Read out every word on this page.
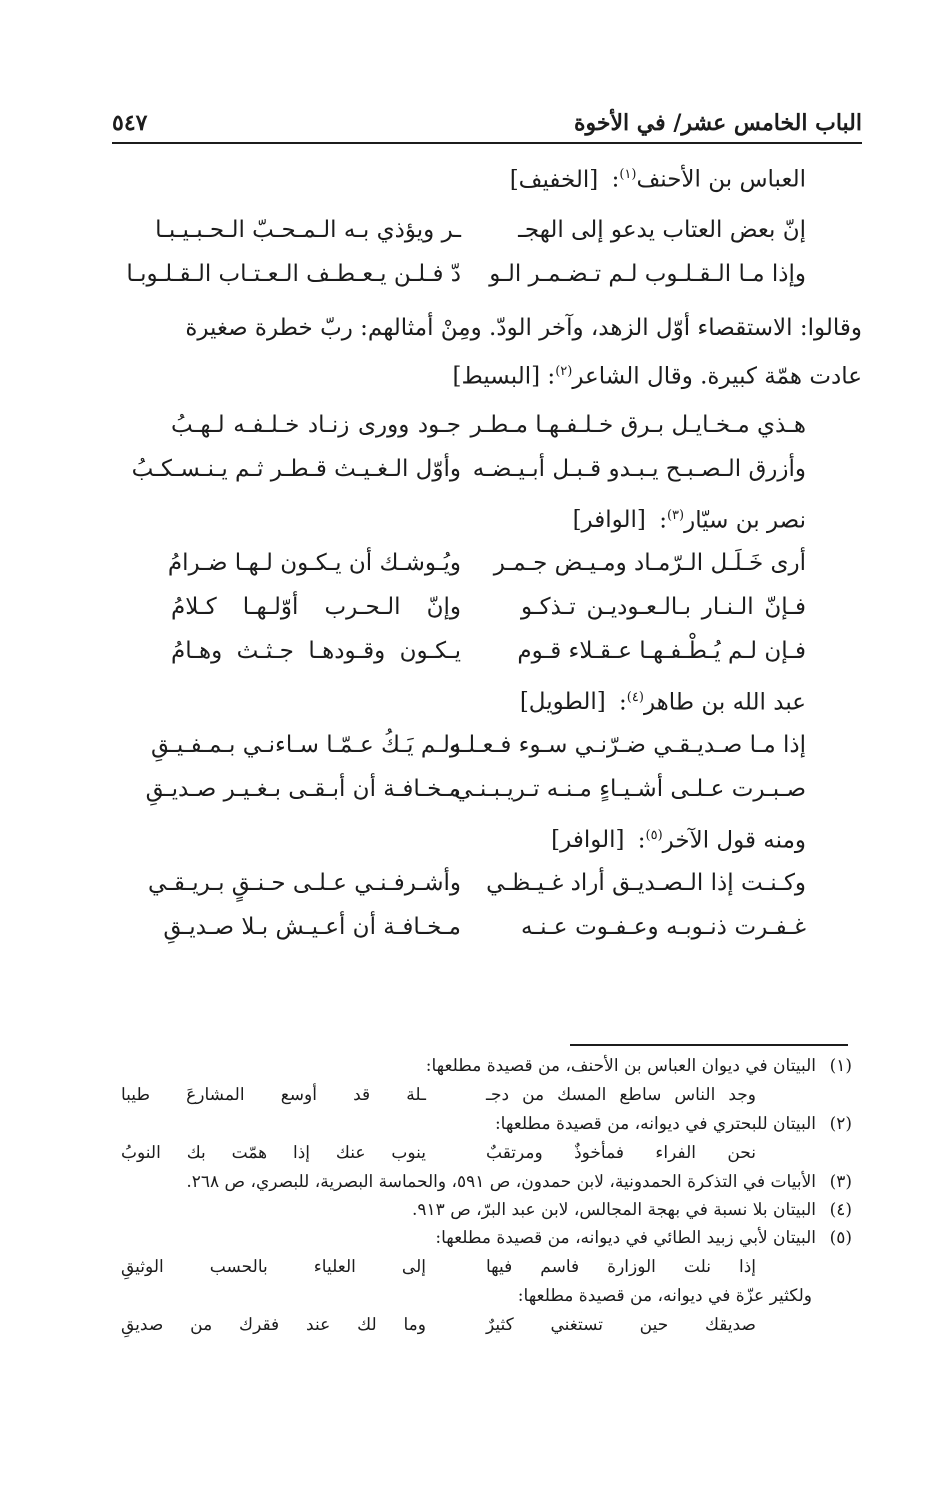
الباب الخامس عشر/ في الأخوة
٥٤٧
العباس بن الأحنف$^{(١)}$: [الخفيف]
إنّ بعض العتاب يدعو إلى الهجـ
ـر ويؤذي بـه الـمـحـبّ الـحـبـيـبـا
وإذا مـا الـقـلـوب لـم تـضـمـر الـو
دّ فـلـن يـعـطـف الـعـتـاب الـقـلـوبـا
وقالوا: الاستقصاء أوّل الزهد، وآخر الودّ. ومِنْ أمثالهم: ربّ خطرة صغيرة
عادت همّة كبيرة. وقال الشاعر$^{(٢)}$: [البسيط]
هـذي مـخـايـل بـرق خـلـفـهـا مـطـر
جـود وورى زنـاد خـلـفـه لـهـبُ
وأزرق الـصـبـح يـبـدو قـبـل أبـيـضـه
وأوّل الـغـيـث قـطـر ثـم يـنـسـكـبُ
نصر بن سيّار$^{(٣)}$: [الوافر]
أرى خَـلَـل الـرّمـاد ومـيـض جـمـر
ويُـوشـك أن يـكـون لـهـا ضـرامُ
فـإنّ الـنـار بـالـعـوديـن تـذكـو
وإنّ الـحـرب أوّلـهـا كـلامُ
فـإن لـم يُـطْـفـهـا عـقـلاء قـوم
يـكـون وقـودهـا جـثـث وهـامُ
عبد الله بن طاهر$^{(٤)}$: [الطويل]
إذا مـا صـديـقـي ضـرّنـي سـوء فـعـلـه
ولـم يَـكُ عـمّـا سـاءنـي بـمـفـيـقِ
صـبـرت عـلـى أشـيـاءٍ مـنـه تـريـبـنـي
مـخـافـة أن أبـقـى بـغـيـر صـديـقِ
ومنه قول الآخر$^{(٥)}$: [الوافر]
وكـنـت إذا الـصـديـق أراد غـيـظـي
وأشـرفـنـي عـلـى حـنـقٍ بـريـقـي
غـفـرت ذنـوبـه وعـفـوت عـنـه
مـخـافـة أن أعـيـش بـلا صـديـقِ
(١)البيتان في ديوان العباس بن الأحنف، من قصيدة مطلعها:
وجد الناس ساطع المسك من دجـ
ـلة قد أوسع المشارعَ طيبا
(٢)البيتان للبحتري في ديوانه، من قصيدة مطلعها:
نحن الفراء فمأخوذٌ ومرتقبٌ
ينوب عنك إذا همّت بك النوبُ
(٣)الأبيات في التذكرة الحمدونية، لابن حمدون، ص ٥٩١، والحماسة البصرية، للبصري، ص ٢٦٨.
(٤)البيتان بلا نسبة في بهجة المجالس، لابن عبد البرّ، ص ٩١٣.
(٥)البيتان لأبي زبيد الطائي في ديوانه، من قصيدة مطلعها:
إذا نلت الوزارة فاسم فيها
إلى العلياء بالحسب الوثيقِ
ولكثير عزّة في ديوانه، من قصيدة مطلعها:
صديقك حين تستغني كثيرٌ
وما لك عند فقرك من صديقِ
